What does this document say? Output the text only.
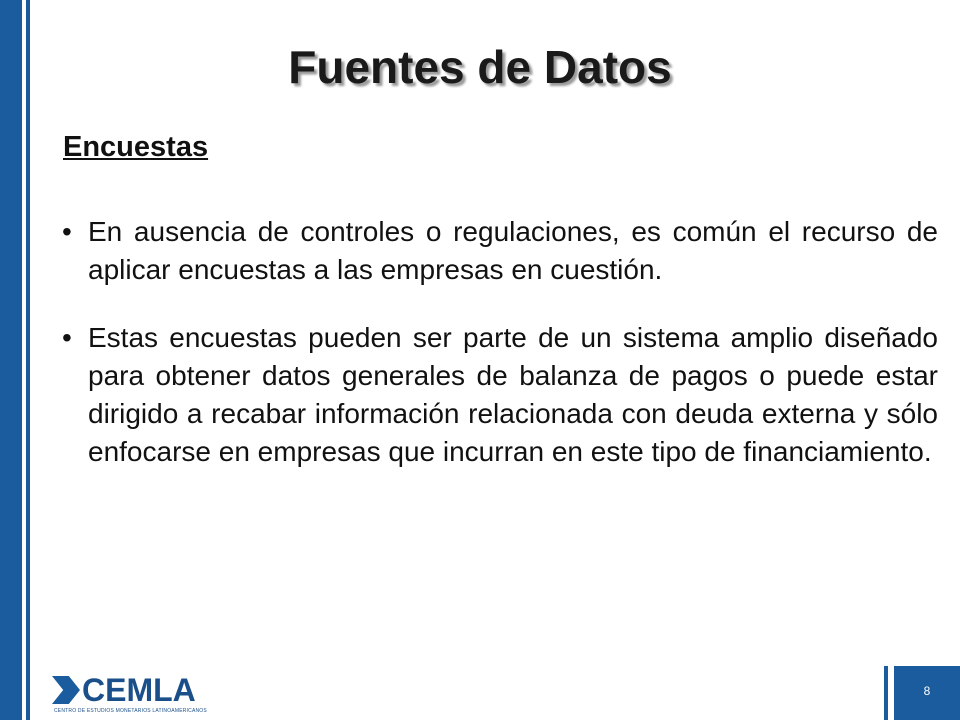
Fuentes de Datos
Encuestas
• En ausencia de controles o regulaciones, es común el recurso de aplicar encuestas a las empresas en cuestión.
• Estas encuestas pueden ser parte de un sistema amplio diseñado para obtener datos generales de balanza de pagos o puede estar dirigido a recabar información relacionada con deuda externa y sólo enfocarse en empresas que incurran en este tipo de financiamiento.
CEMLA
CENTRO DE ESTUDIOS MONETARIOS LATINOAMERICANOS
8
